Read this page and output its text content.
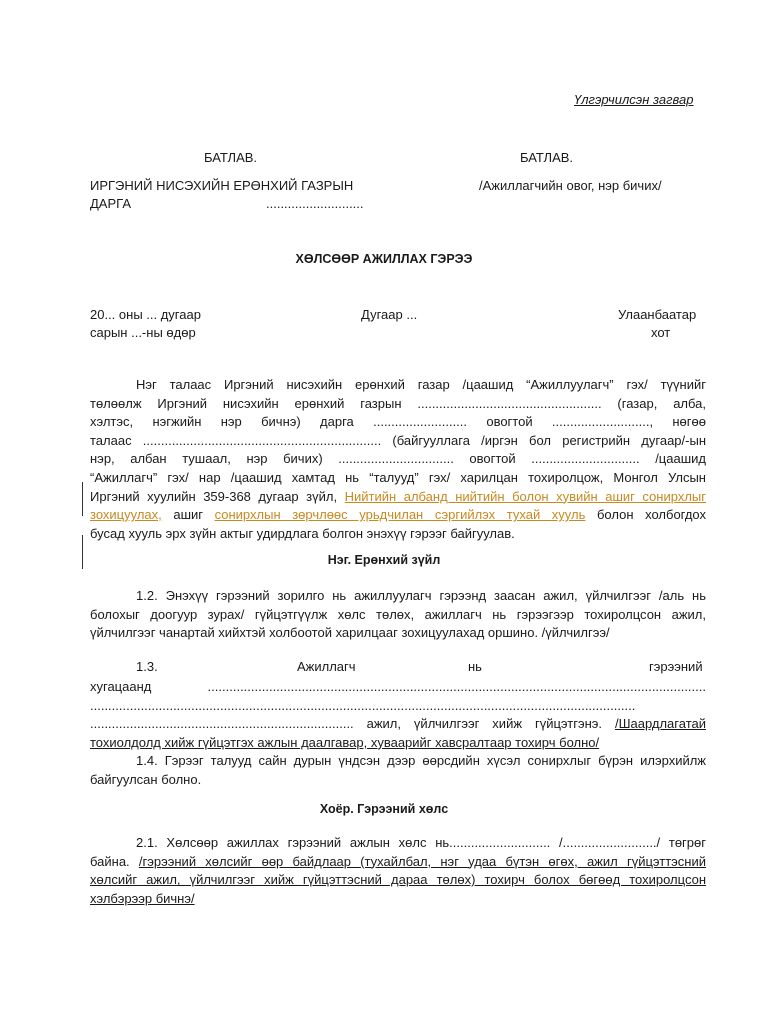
Үлгэрчилсэн загвар
БАТЛАВ.	БАТЛАВ.
ИРГЭНИЙ НИСЭХИЙН ЕРӨНХИЙ ГАЗРЫН
ДАРГА	...........................
/Ажиллагчийн овог, нэр бичих/
ХӨЛСӨӨР АЖИЛЛАХ ГЭРЭЭ
20... оны ... дугаар
сарын ...-ны өдөр
Дугаар ...	Улаанбаатар
хот
Нэг талаас Иргэний нисэхийн ерөнхий газар /цаашид “Ажиллуулагч” гэх/ түүнийг
төлөөлж Иргэний нисэхийн ерөнхий газрын ................................................... (газар, алба,
хэлтэс, нэгжийн нэр бичнэ) дарга .......................... овогтой ..........................., нөгөө
талаас .................................................................. (байгууллага /иргэн бол регистрийн дугаар/-ын
нэр, албан тушаал, нэр бичих) ................................ овогтой .............................. /цаашид
“Ажиллагч” гэх/ нар /цаашид хамтад нь “талууд” гэх/ харилцан тохиролцож, Монгол Улсын
Иргэний хуулийн 359-368 дугаар зүйл, Нийтийн албанд нийтийн болон хувийн ашиг сонирхлыг
зохицуулах, ашиг сонирхлын зөрчлөөс урьдчилан сэргийлэх тухай хууль болон холбогдох
бусад хууль эрх зүйн актыг удирдлага болгон энэхүү гэрээг байгуулав.
Нэг. Ерөнхий зүйл
1.2. Энэхүү гэрээний зорилго нь ажиллуулагч гэрээнд заасан ажил, үйлчилгээг /аль нь
болохыг доогуур зурах/ гүйцэтгүүлж хөлс төлөх, ажиллагч нь гэрээгээр тохиролцсон ажил,
үйлчилгээг чанартай хийхтэй холбоотой харилцааг зохицуулахад оршино. /үйлчилгээ/
1.3.	Ажиллагч	нь	гэрээний
хугацаанд ..........................................................................................................................................
.......................................................................................................................................................
......................................................................... ажил, үйлчилгээг хийж гүйцэтгэнэ. /Шаардлагатай
тохиолдолд хийж гүйцэтгэх ажлын даалгавар, хуваарийг хавсралтаар тохирч болно/
1.4. Гэрээг талууд сайн дурын үндсэн дээр өөрсдийн хүсэл сонирхлыг бүрэн илэрхийлж
байгуулсан болно.
Хоёр. Гэрээний хөлс
2.1. Хөлсөөр ажиллах гэрээний ажлын хөлс нь............................ /........................../ төгрөг
байна. /гэрээний хөлсийг өөр байдлаар (тухайлбал, нэг удаа бүтэн өгөх, ажил гүйцэттэсний
хөлсийг ажил, үйлчилгээг хийж гүйцэттэсний дараа төлөх) тохирч болох бөгөөд тохиролцсон
хэлбэрээр бичнэ/
